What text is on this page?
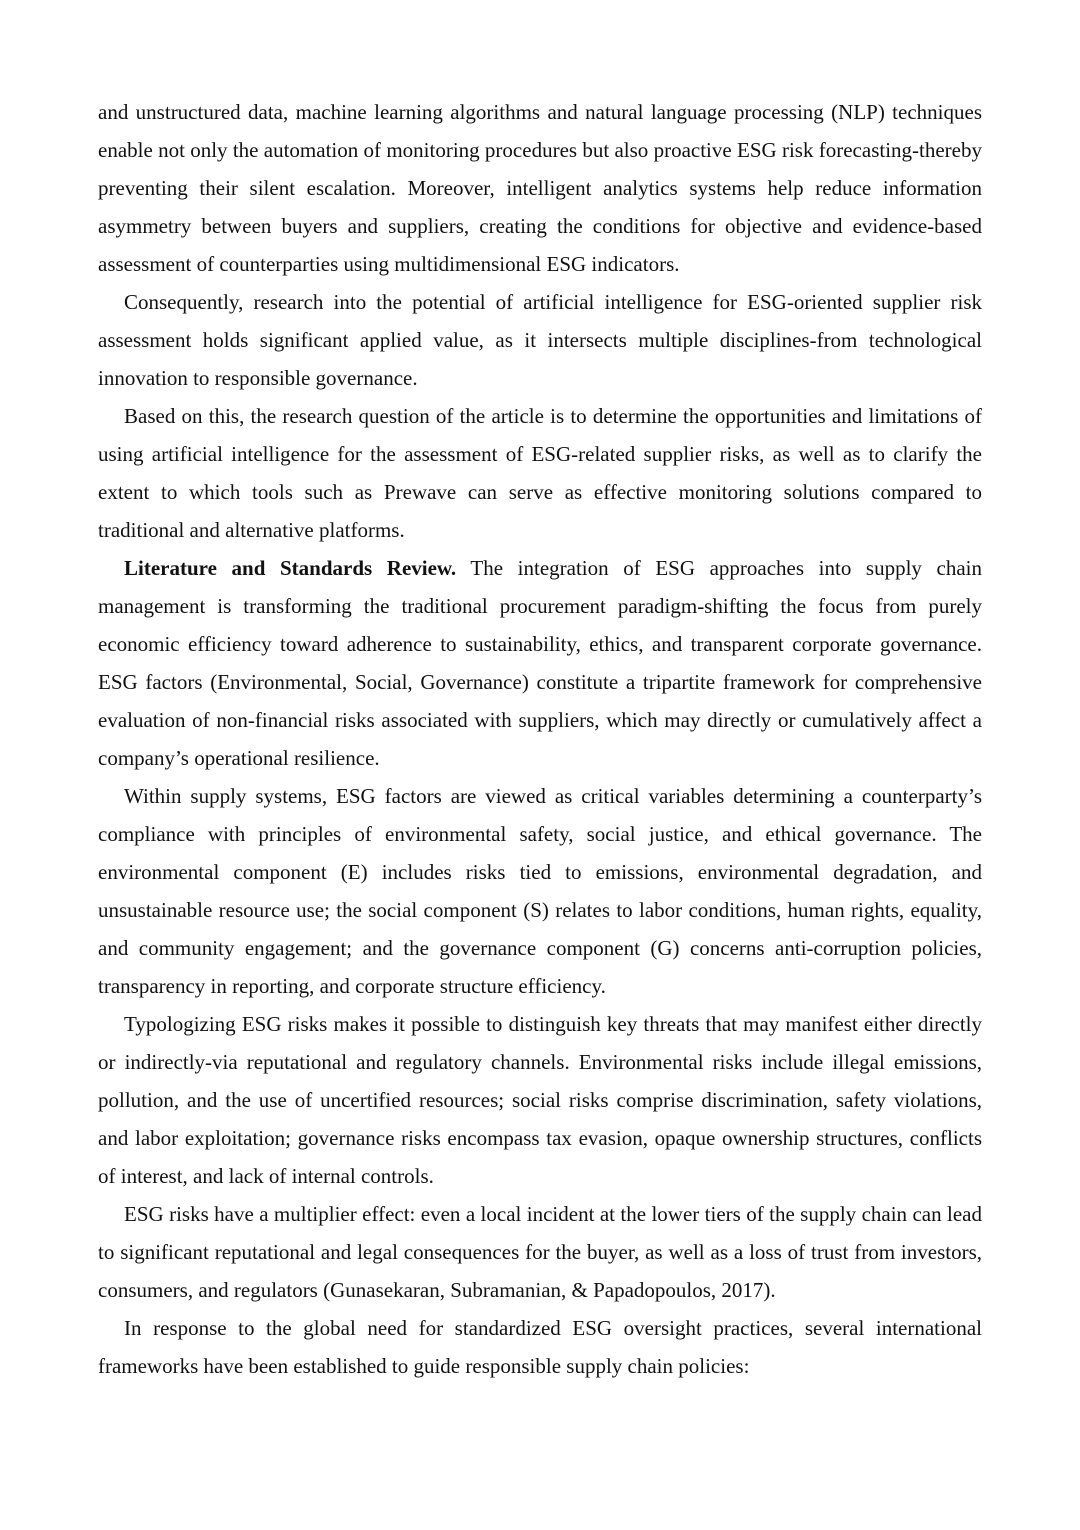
and unstructured data, machine learning algorithms and natural language processing (NLP) techniques enable not only the automation of monitoring procedures but also proactive ESG risk forecasting-thereby preventing their silent escalation. Moreover, intelligent analytics systems help reduce information asymmetry between buyers and suppliers, creating the conditions for objective and evidence-based assessment of counterparties using multidimensional ESG indicators.

Consequently, research into the potential of artificial intelligence for ESG-oriented supplier risk assessment holds significant applied value, as it intersects multiple disciplines-from technological innovation to responsible governance.

Based on this, the research question of the article is to determine the opportunities and limitations of using artificial intelligence for the assessment of ESG-related supplier risks, as well as to clarify the extent to which tools such as Prewave can serve as effective monitoring solutions compared to traditional and alternative platforms.

Literature and Standards Review. The integration of ESG approaches into supply chain management is transforming the traditional procurement paradigm-shifting the focus from purely economic efficiency toward adherence to sustainability, ethics, and transparent corporate governance. ESG factors (Environmental, Social, Governance) constitute a tripartite framework for comprehensive evaluation of non-financial risks associated with suppliers, which may directly or cumulatively affect a company’s operational resilience.

Within supply systems, ESG factors are viewed as critical variables determining a counterparty’s compliance with principles of environmental safety, social justice, and ethical governance. The environmental component (E) includes risks tied to emissions, environmental degradation, and unsustainable resource use; the social component (S) relates to labor conditions, human rights, equality, and community engagement; and the governance component (G) concerns anti-corruption policies, transparency in reporting, and corporate structure efficiency.

Typologizing ESG risks makes it possible to distinguish key threats that may manifest either directly or indirectly-via reputational and regulatory channels. Environmental risks include illegal emissions, pollution, and the use of uncertified resources; social risks comprise discrimination, safety violations, and labor exploitation; governance risks encompass tax evasion, opaque ownership structures, conflicts of interest, and lack of internal controls.

ESG risks have a multiplier effect: even a local incident at the lower tiers of the supply chain can lead to significant reputational and legal consequences for the buyer, as well as a loss of trust from investors, consumers, and regulators (Gunasekaran, Subramanian, & Papadopoulos, 2017).

In response to the global need for standardized ESG oversight practices, several international frameworks have been established to guide responsible supply chain policies:
